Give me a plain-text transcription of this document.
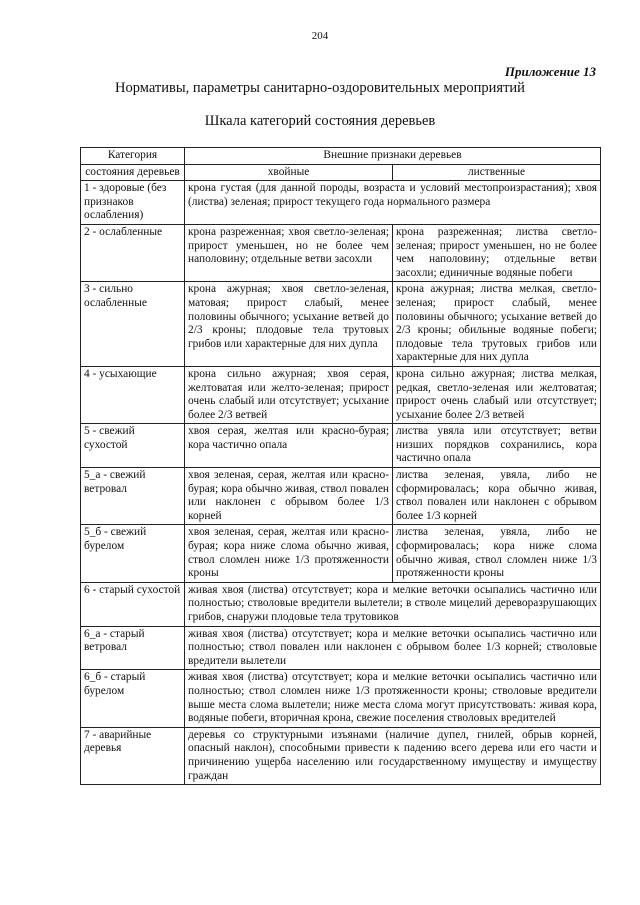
204
Приложение 13
Нормативы, параметры санитарно-оздоровительных мероприятий
Шкала категорий состояния деревьев
Категория	Внешние признаки деревьев	
состояния деревьев	хвойные	лиственные
1 - здоровые (без признаков ослабления)	крона густая (для данной породы, возраста и условий местопроизрастания); хвоя (листва) зеленая; прирост текущего года нормального размера	
2 - ослабленные	крона разреженная; хвоя светло-зеленая; прирост уменьшен, но не более чем наполовину; отдельные ветви засохли	крона разреженная; листва светло-зеленая; прирост уменьшен, но не более чем наполовину; отдельные ветви засохли; единичные водяные побеги
3 - сильно ослабленные	крона ажурная; хвоя светло-зеленая, матовая; прирост слабый, менее половины обычного; усыхание ветвей до 2/3 кроны; плодовые тела трутовых грибов или характерные для них дупла	крона ажурная; листва мелкая, светло-зеленая; прирост слабый, менее половины обычного; усыхание ветвей до 2/3 кроны; обильные водяные побеги; плодовые тела трутовых грибов или характерные для них дупла
4 - усыхающие	крона сильно ажурная; хвоя серая, желтоватая или желто-зеленая; прирост очень слабый или отсутствует; усыхание более 2/3 ветвей	крона сильно ажурная; листва мелкая, редкая, светло-зеленая или желтоватая; прирост очень слабый или отсутствует; усыхание более 2/3 ветвей
5 - свежий сухостой	хвоя серая, желтая или красно-бурая; кора частично опала	листва увяла или отсутствует; ветви низших порядков сохранились, кора частично опала
5_а - свежий ветровал	хвоя зеленая, серая, желтая или красно-бурая; кора обычно живая, ствол повален или наклонен с обрывом более 1/3 корней	листва зеленая, увяла, либо не сформировалась; кора обычно живая, ствол повален или наклонен с обрывом более 1/3 корней
5_б - свежий бурелом	хвоя зеленая, серая, желтая или красно-бурая; кора ниже слома обычно живая, ствол сломлен ниже 1/3 протяженности кроны	листва зеленая, увяла, либо не сформировалась; кора ниже слома обычно живая, ствол сломлен ниже 1/3 протяженности кроны
6 - старый сухостой	живая хвоя (листва) отсутствует; кора и мелкие веточки осыпались частично или полностью; стволовые вредители вылетели; в стволе мицелий дереворазрушающих грибов, снаружи плодовые тела трутовиков	
6_а - старый ветровал	живая хвоя (листва) отсутствует; кора и мелкие веточки осыпались частично или полностью; ствол повален или наклонен с обрывом более 1/3 корней; стволовые вредители вылетели	
6_б - старый бурелом	живая хвоя (листва) отсутствует; кора и мелкие веточки осыпались частично или полностью; ствол сломлен ниже 1/3 протяженности кроны; стволовые вредители выше места слома вылетели; ниже места слома могут присутствовать: живая кора, водяные побеги, вторичная крона, свежие поселения стволовых вредителей	
7 - аварийные деревья	деревья со структурными изъянами (наличие дупел, гнилей, обрыв корней, опасный наклон), способными привести к падению всего дерева или его части и причинению ущерба населению или государственному имуществу и имуществу граждан	
